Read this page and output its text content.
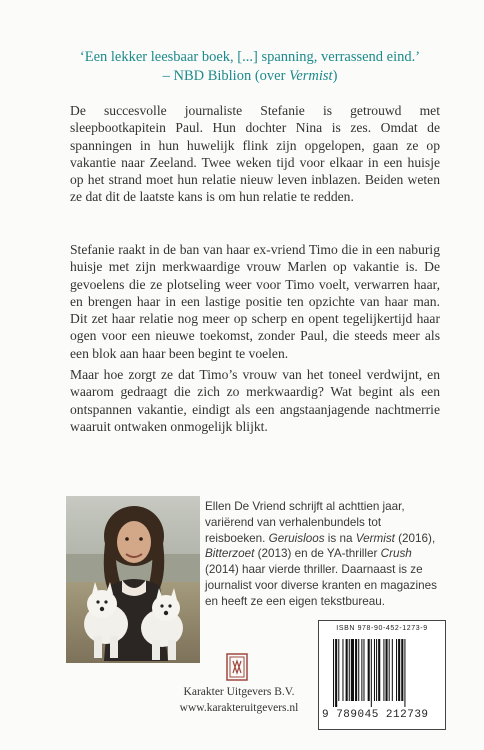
‘Een lekker leesbaar boek, [...] spanning, verrassend eind.’
– NBD Biblion (over Vermist)
De succesvolle journaliste Stefanie is getrouwd met sleepbootkapitein Paul. Hun dochter Nina is zes. Omdat de spanningen in hun huwelijk flink zijn opgelopen, gaan ze op vakantie naar Zeeland. Twee weken tijd voor elkaar in een huisje op het strand moet hun relatie nieuw leven inblazen. Beiden weten ze dat dit de laatste kans is om hun relatie te redden.
Stefanie raakt in de ban van haar ex-vriend Timo die in een naburig huisje met zijn merkwaardige vrouw Marlen op vakantie is. De gevoelens die ze plotseling weer voor Timo voelt, verwarren haar, en brengen haar in een lastige positie ten opzichte van haar man. Dit zet haar relatie nog meer op scherp en opent tegelijkertijd haar ogen voor een nieuwe toekomst, zonder Paul, die steeds meer als een blok aan haar been begint te voelen.
Maar hoe zorgt ze dat Timo’s vrouw van het toneel verdwijnt, en waarom gedraagt die zich zo merkwaardig? Wat begint als een ontspannen vakantie, eindigt als een angstaanjagende nachtmerrie waaruit ontwaken onmogelijk blijkt.
Ellen De Vriend schrijft al achttien jaar, variërend van verhalenbundels tot reisboeken. Geruisloos is na Vermist (2016), Bitterzoet (2013) en de YA-thriller Crush (2014) haar vierde thriller. Daarnaast is ze journalist voor diverse kranten en magazines en heeft ze een eigen tekstbureau.
Karakter Uitgevers B.V.
www.karakteruitgevers.nl
ISBN 978-90-452-1273-9
9 789045 212739
